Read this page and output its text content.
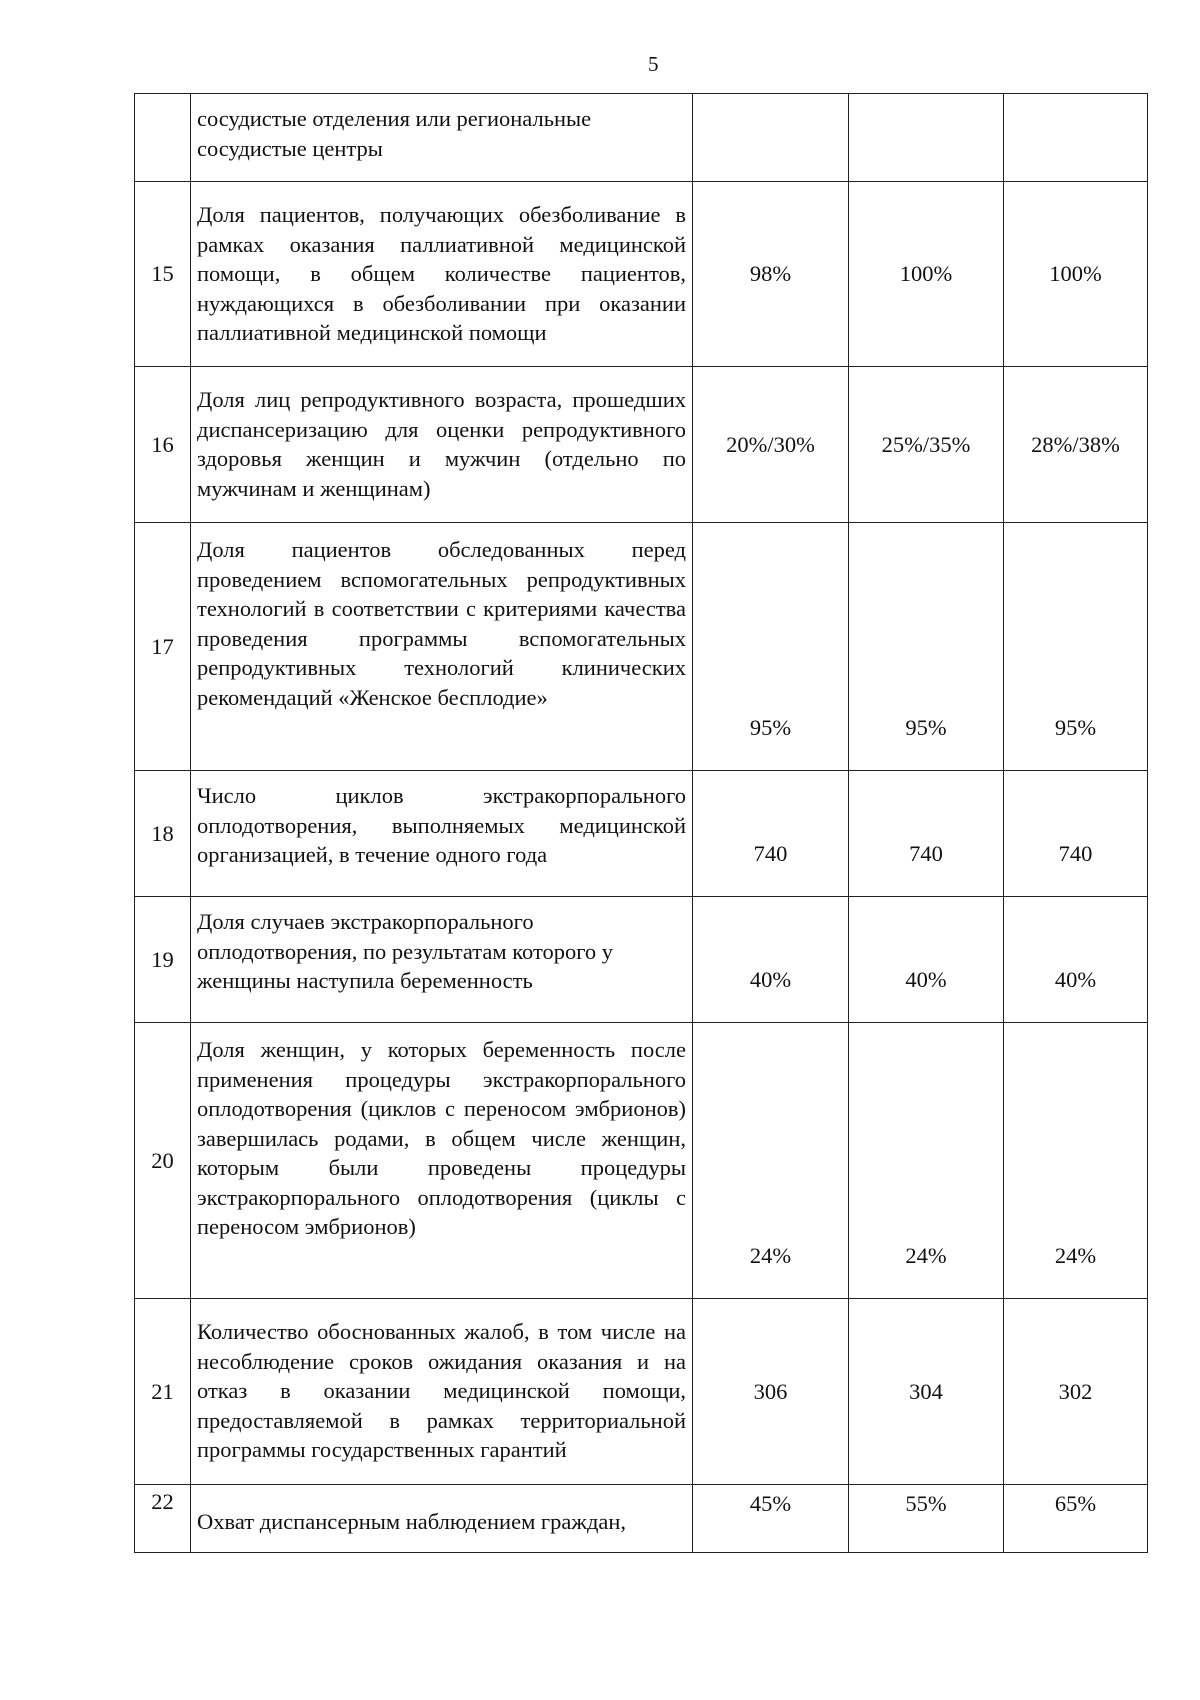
5
	сосудистые отделения или региональные сосудистые центры			
15	Доля пациентов, получающих обезболивание в рамках оказания паллиативной медицинской помощи, в общем количестве пациентов, нуждающихся в обезболивании при оказании паллиативной медицинской помощи	98%	100%	100%
16	Доля лиц репродуктивного возраста, прошедших диспансеризацию для оценки репродуктивного здоровья женщин и мужчин (отдельно по мужчинам и женщинам)	20%/30%	25%/35%	28%/38%
17	Доля пациентов обследованных перед проведением вспомогательных репродуктивных технологий в соответствии с критериями качества проведения программы вспомогательных репродуктивных технологий клинических рекомендаций «Женское бесплодие»	95%	95%	95%
18	Число циклов экстракорпорального оплодотворения, выполняемых медицинской организацией, в течение одного года	740	740	740
19	Доля случаев экстракорпорального оплодотворения, по результатам которого у женщины наступила беременность	40%	40%	40%
20	Доля женщин, у которых беременность после применения процедуры экстракорпорального оплодотворения (циклов с переносом эмбрионов) завершилась родами, в общем числе женщин, которым были проведены процедуры экстракорпорального оплодотворения (циклы с переносом эмбрионов)	24%	24%	24%
21	Количество обоснованных жалоб, в том числе на несоблюдение сроков ожидания оказания и на отказ в оказании медицинской помощи, предоставляемой в рамках территориальной программы государственных гарантий	306	304	302
22	Охват диспансерным наблюдением граждан,	45%	55%	65%
